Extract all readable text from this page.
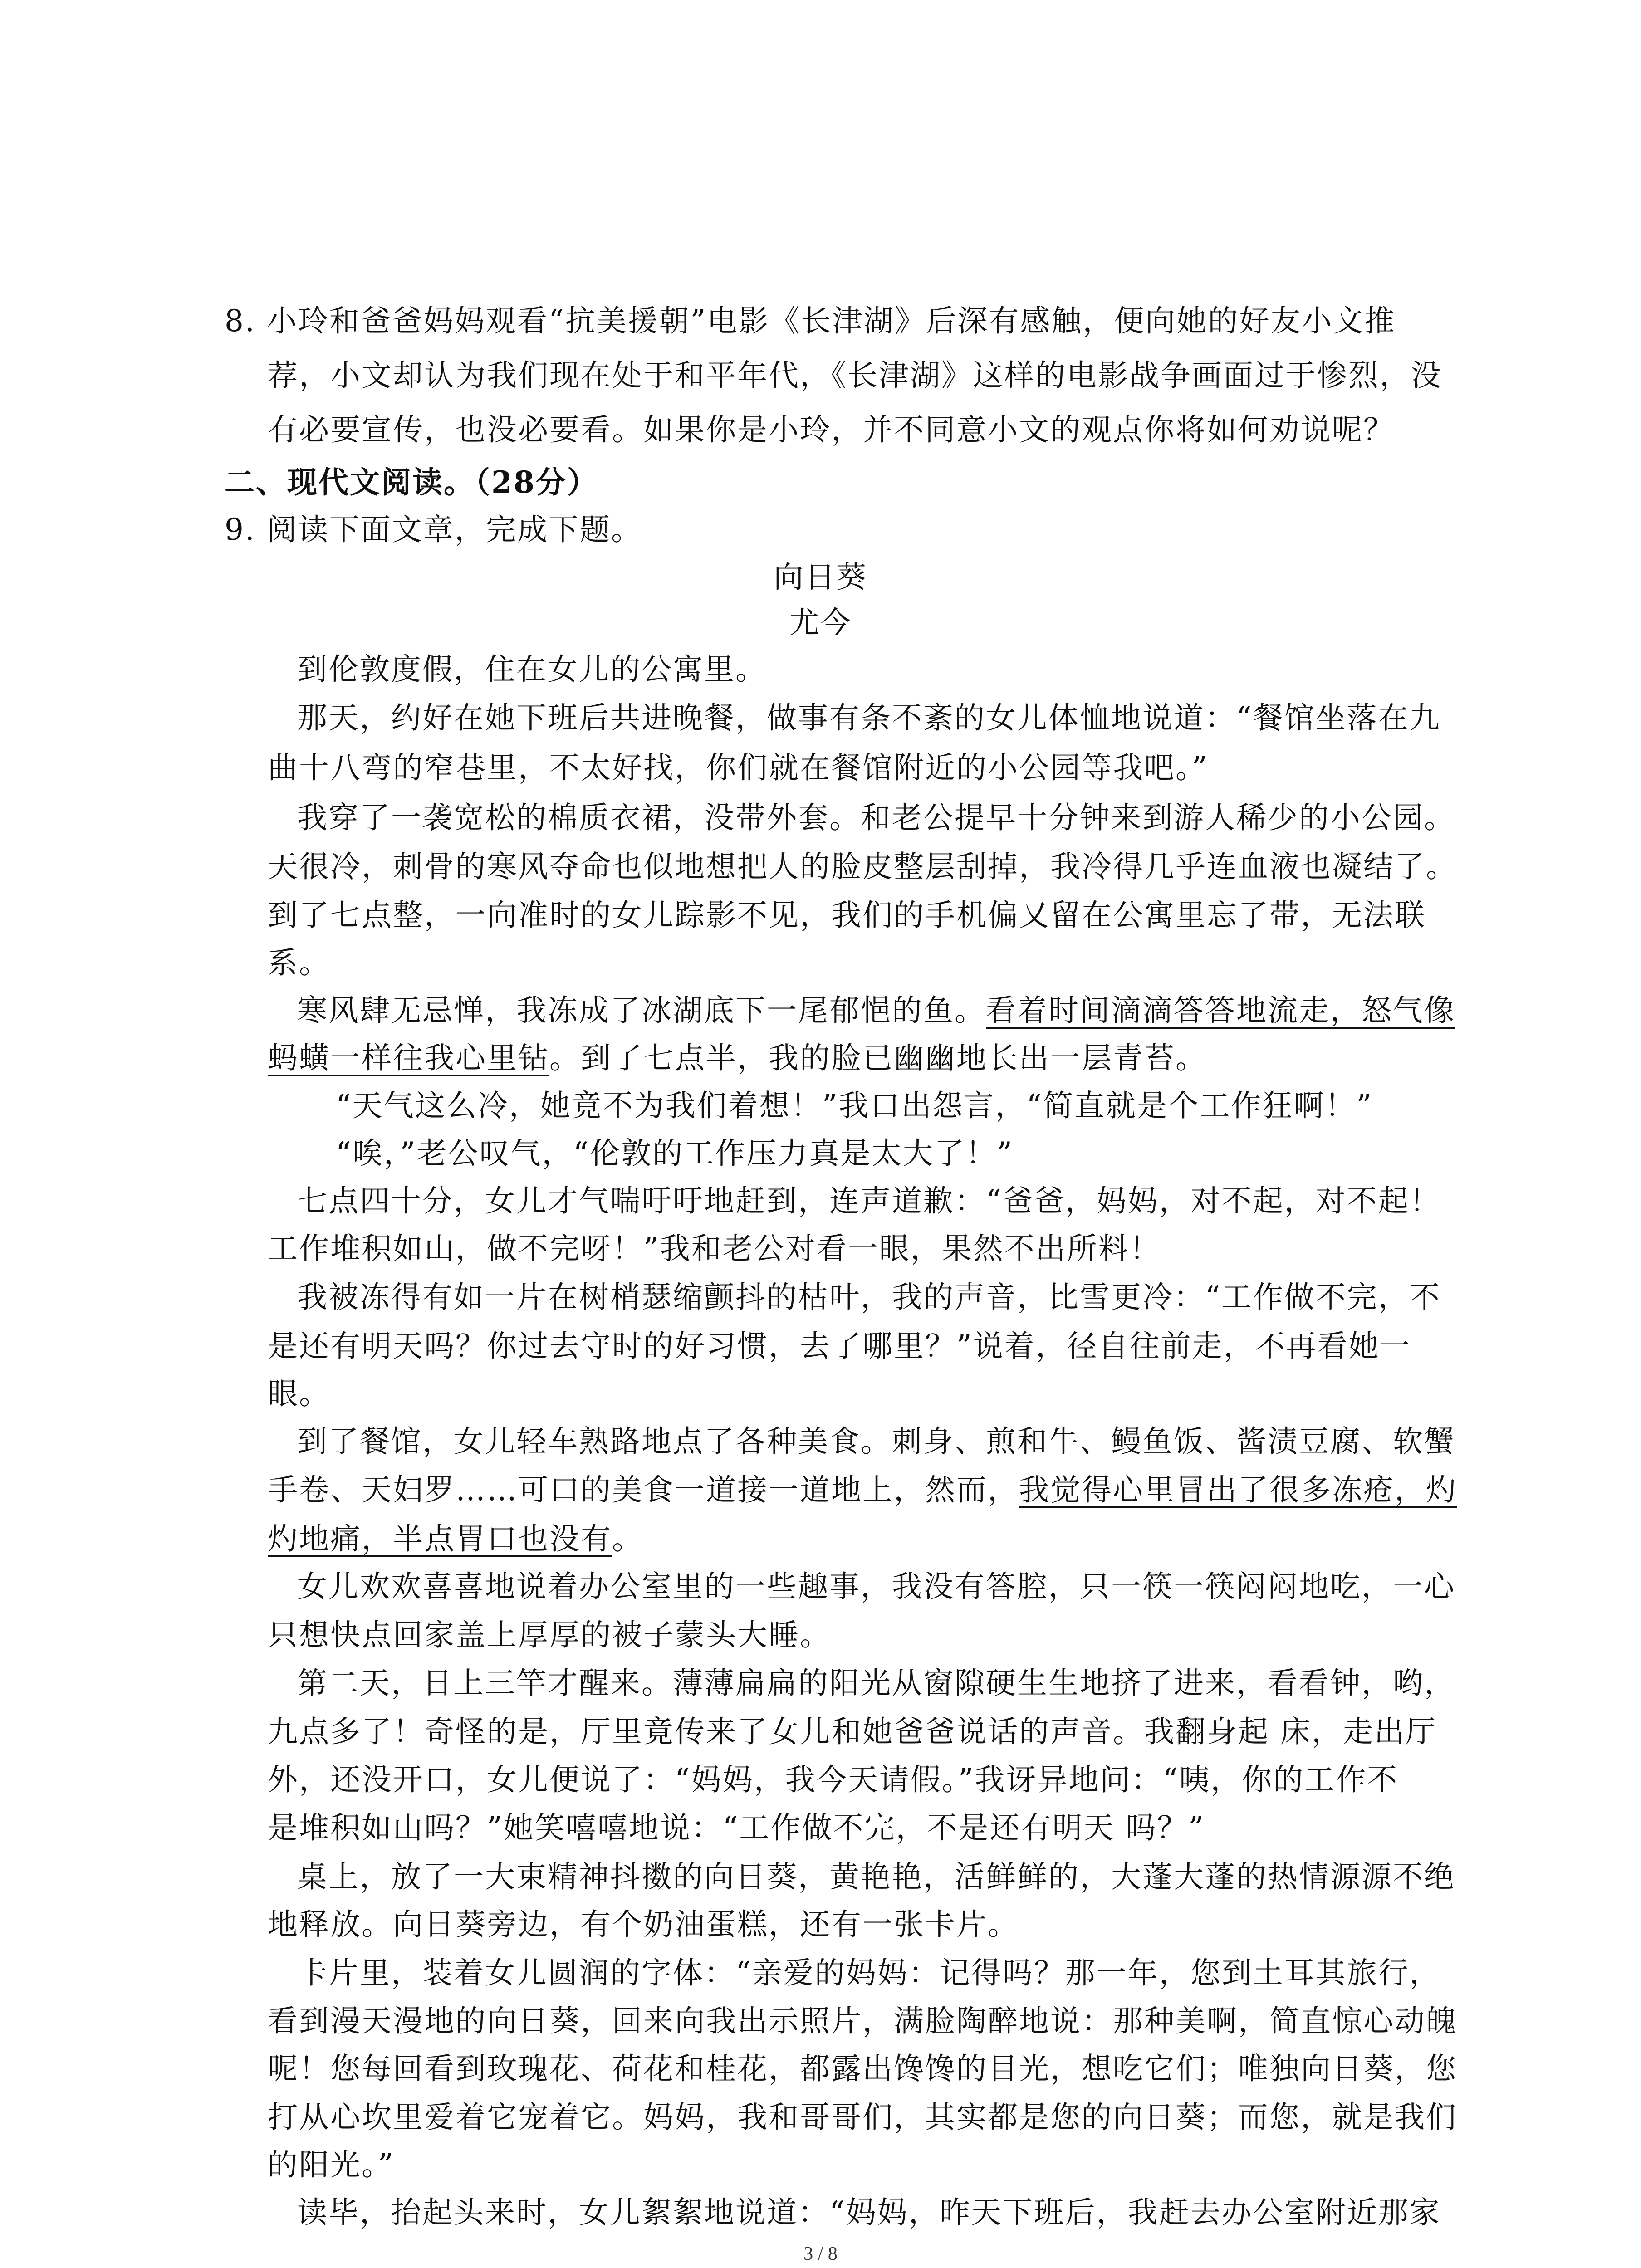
8. 小玲和爸爸妈妈观看“抗美援朝”电影《长津湖》后深有感触，便向她的好友小文推
荐，小文却认为我们现在处于和平年代，《长津湖》这样的电影战争画面过于惨烈，没
有必要宣传，也没必要看。如果你是小玲，并不同意小文的观点你将如何劝说呢？
二、现代文阅读。（28分）
9. 阅读下面文章，完成下题。
向日葵
尤今
到伦敦度假，住在女儿的公寓里。
那天，约好在她下班后共进晚餐，做事有条不紊的女儿体恤地说道：“餐馆坐落在九
曲十八弯的窄巷里，不太好找，你们就在餐馆附近的小公园等我吧。”
我穿了一袭宽松的棉质衣裙，没带外套。和老公提早十分钟来到游人稀少的小公园。
天很冷，刺骨的寒风夺命也似地想把人的脸皮整层刮掉，我冷得几乎连血液也凝结了。
到了七点整，一向准时的女儿踪影不见，我们的手机偏又留在公寓里忘了带，无法联
系。
寒风肆无忌惮，我冻成了冰湖底下一尾郁悒的鱼。看着时间滴滴答答地流走，怒气像
蚂蟥一样往我心里钻。到了七点半，我的脸已幽幽地长出一层青苔。
“天气这么冷，她竟不为我们着想！”我口出怨言，“简直就是个工作狂啊！”
“唉，”老公叹气，“伦敦的工作压力真是太大了！”
七点四十分，女儿才气喘吁吁地赶到，连声道歉：“爸爸，妈妈，对不起，对不起！
工作堆积如山，做不完呀！”我和老公对看一眼，果然不出所料！
我被冻得有如一片在树梢瑟缩颤抖的枯叶，我的声音，比雪更冷：“工作做不完，不
是还有明天吗？你过去守时的好习惯，去了哪里？”说着，径自往前走，不再看她一
眼。
到了餐馆，女儿轻车熟路地点了各种美食。刺身、煎和牛、鳗鱼饭、酱渍豆腐、软蟹
手卷、天妇罗……可口的美食一道接一道地上，然而，我觉得心里冒出了很多冻疮，灼
灼地痛，半点胃口也没有。
女儿欢欢喜喜地说着办公室里的一些趣事，我没有答腔，只一筷一筷闷闷地吃，一心
只想快点回家盖上厚厚的被子蒙头大睡。
第二天，日上三竿才醒来。薄薄扁扁的阳光从窗隙硬生生地挤了进来，看看钟，哟，
九点多了！奇怪的是，厅里竟传来了女儿和她爸爸说话的声音。我翻身起 床，走出厅
外，还没开口，女儿便说了：“妈妈，我今天请假。”我讶异地问：“咦，你的工作不
是堆积如山吗？”她笑嘻嘻地说：“工作做不完，不是还有明天 吗？”
桌上，放了一大束精神抖擞的向日葵，黄艳艳，活鲜鲜的，大蓬大蓬的热情源源不绝
地释放。向日葵旁边，有个奶油蛋糕，还有一张卡片。
卡片里，装着女儿圆润的字体：“亲爱的妈妈：记得吗？那一年，您到土耳其旅行，
看到漫天漫地的向日葵，回来向我出示照片，满脸陶醉地说：那种美啊，简直惊心动魄
呢！您每回看到玫瑰花、荷花和桂花，都露出馋馋的目光，想吃它们；唯独向日葵，您
打从心坎里爱着它宠着它。妈妈，我和哥哥们，其实都是您的向日葵；而您，就是我们
的阳光。”
读毕，抬起头来时，女儿絮絮地说道：“妈妈，昨天下班后，我赶去办公室附近那家
3 / 8
